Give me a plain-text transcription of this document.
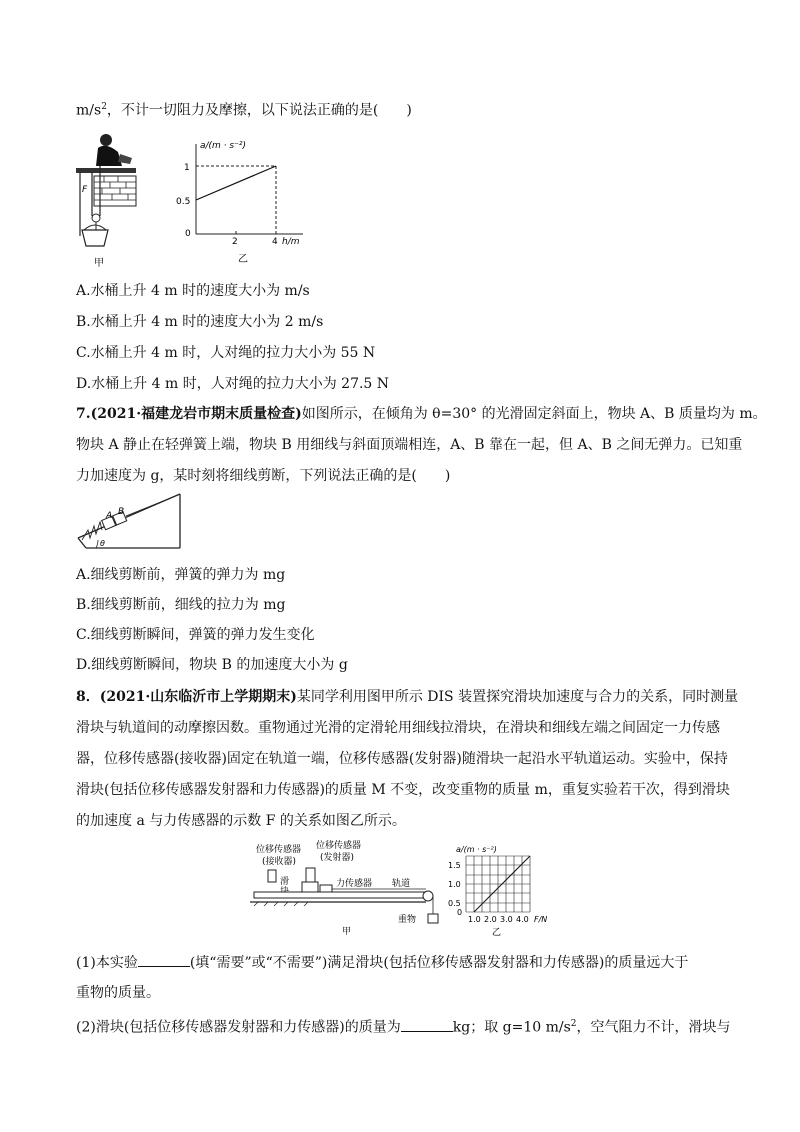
$m/s^2$，不计一切阻力及摩擦，以下说法正确的是(　　)
F
甲
a/(m · s⁻²)
h/m
1
0.5
0
2	4
乙
A.水桶上升 4 m 时的速度大小为 m/s
B.水桶上升 4 m 时的速度大小为 2 m/s
C.水桶上升 4 m 时，人对绳的拉力大小为 55 N
D.水桶上升 4 m 时，人对绳的拉力大小为 27.5 N
7.(2021·福建龙岩市期末质量检查)如图所示，在倾角为 θ=30° 的光滑固定斜面上，物块 A、B 质量均为 m。
物块 A 静止在轻弹簧上端，物块 B 用细线与斜面顶端相连，A、B 靠在一起，但 A、B 之间无弹力。已知重
力加速度为 g，某时刻将细线剪断，下列说法正确的是(　　)
A B
θ
A.细线剪断前，弹簧的弹力为 mg
B.细线剪断前，细线的拉力为 mg
C.细线剪断瞬间，弹簧的弹力发生变化
D.细线剪断瞬间，物块 B 的加速度大小为 g
8．(2021·山东临沂市上学期期末)某同学利用图甲所示 DIS 装置探究滑块加速度与合力的关系，同时测量
滑块与轨道间的动摩擦因数。重物通过光滑的定滑轮用细线拉滑块，在滑块和细线左端之间固定一力传感
器，位移传感器(接收器)固定在轨道一端，位移传感器(发射器)随滑块一起沿水平轨道运动。实验中，保持
滑块(包括位移传感器发射器和力传感器)的质量 M 不变，改变重物的质量 m，重复实验若干次，得到滑块
的加速度 a 与力传感器的示数 F 的关系如图乙所示。
位移传感器
(接收器)
位移传感器
(发射器)
滑	力传感器 轨道
重物
甲
a/(m · s⁻²)
1.5
1.0
0.5
0
1.0 2.0 3.0 4.0 F/N
乙
(1)本实验	(填“需要”或“不需要”)满足滑块(包括位移传感器发射器和力传感器)的质量远大于
重物的质量。
(2)滑块(包括位移传感器发射器和力传感器)的质量为	kg；取 g=10 $m/s^2$，空气阻力不计，滑块与
